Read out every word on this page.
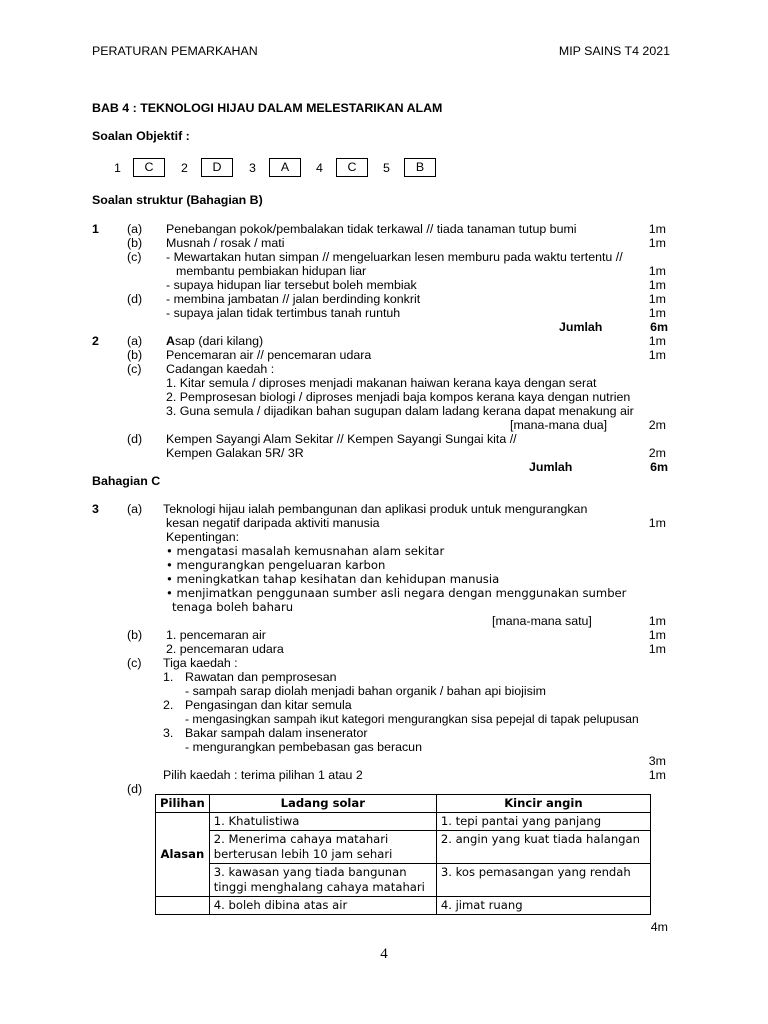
PERATURAN PEMARKAHAN	MIP SAINS T4 2021
BAB 4 : TEKNOLOGI HIJAU DALAM MELESTARIKAN ALAM
Soalan Objektif :
1	C	2	D	3	A	4	C	5	B
Soalan struktur (Bahagian B)
1 (a) Penebangan pokok/pembalakan tidak terkawal // tiada tanaman tutup bumi	1m
(b) Musnah / rosak / mati	1m
(c) - Mewartakan hutan simpan // mengeluarkan lesen memburu pada waktu tertentu //
membantu pembiakan hidupan liar	1m
- supaya hidupan liar tersebut boleh membiak	1m
(d) - membina jambatan // jalan berdinding konkrit	1m
- supaya jalan tidak tertimbus tanah runtuh	1m
Jumlah	6m
2 (a) Asap (dari kilang)	1m
(b) Pencemaran air // pencemaran udara	1m
(c) Cadangan kaedah :
1. Kitar semula / diproses menjadi makanan haiwan kerana kaya dengan serat
2. Pemprosesan biologi / diproses menjadi baja kompos kerana kaya dengan nutrien
3. Guna semula / dijadikan bahan sugupan dalam ladang kerana dapat menakung air
[mana-mana dua]	2m
(d) Kempen Sayangi Alam Sekitar // Kempen Sayangi Sungai kita //
Kempen Galakan 5R/ 3R	2m
Jumlah	6m
Bahagian C
3 (a) Teknologi hijau ialah pembangunan dan aplikasi produk untuk mengurangkan
kesan negatif daripada aktiviti manusia	1m
Kepentingan:
• mengatasi masalah kemusnahan alam sekitar
• mengurangkan pengeluaran karbon
• meningkatkan tahap kesihatan dan kehidupan manusia
• menjimatkan penggunaan sumber asli negara dengan menggunakan sumber
tenaga boleh baharu
[mana-mana satu]	1m
(b) 1. pencemaran air	1m
2. pencemaran udara	1m
(c) Tiga kaedah :
1. Rawatan dan pemprosesan
- sampah sarap diolah menjadi bahan organik / bahan api biojisim
2. Pengasingan dan kitar semula
- mengasingkan sampah ikut kategori mengurangkan sisa pepejal di tapak pelupusan
3. Bakar sampah dalam insenerator
- mengurangkan pembebasan gas beracun
3m
Pilih kaedah : terima pilihan 1 atau 2	1m
(d)
Pilihan	Ladang solar	Kincir angin
Alasan	1. Khatulistiwa	1. tepi pantai yang panjang
	2. Menerima cahaya matahari berterusan lebih 10 jam sehari	2. angin yang kuat tiada halangan
	3. kawasan yang tiada bangunan tinggi menghalang cahaya matahari	3. kos pemasangan yang rendah
	4. boleh dibina atas air	4. jimat ruang
4m
4
